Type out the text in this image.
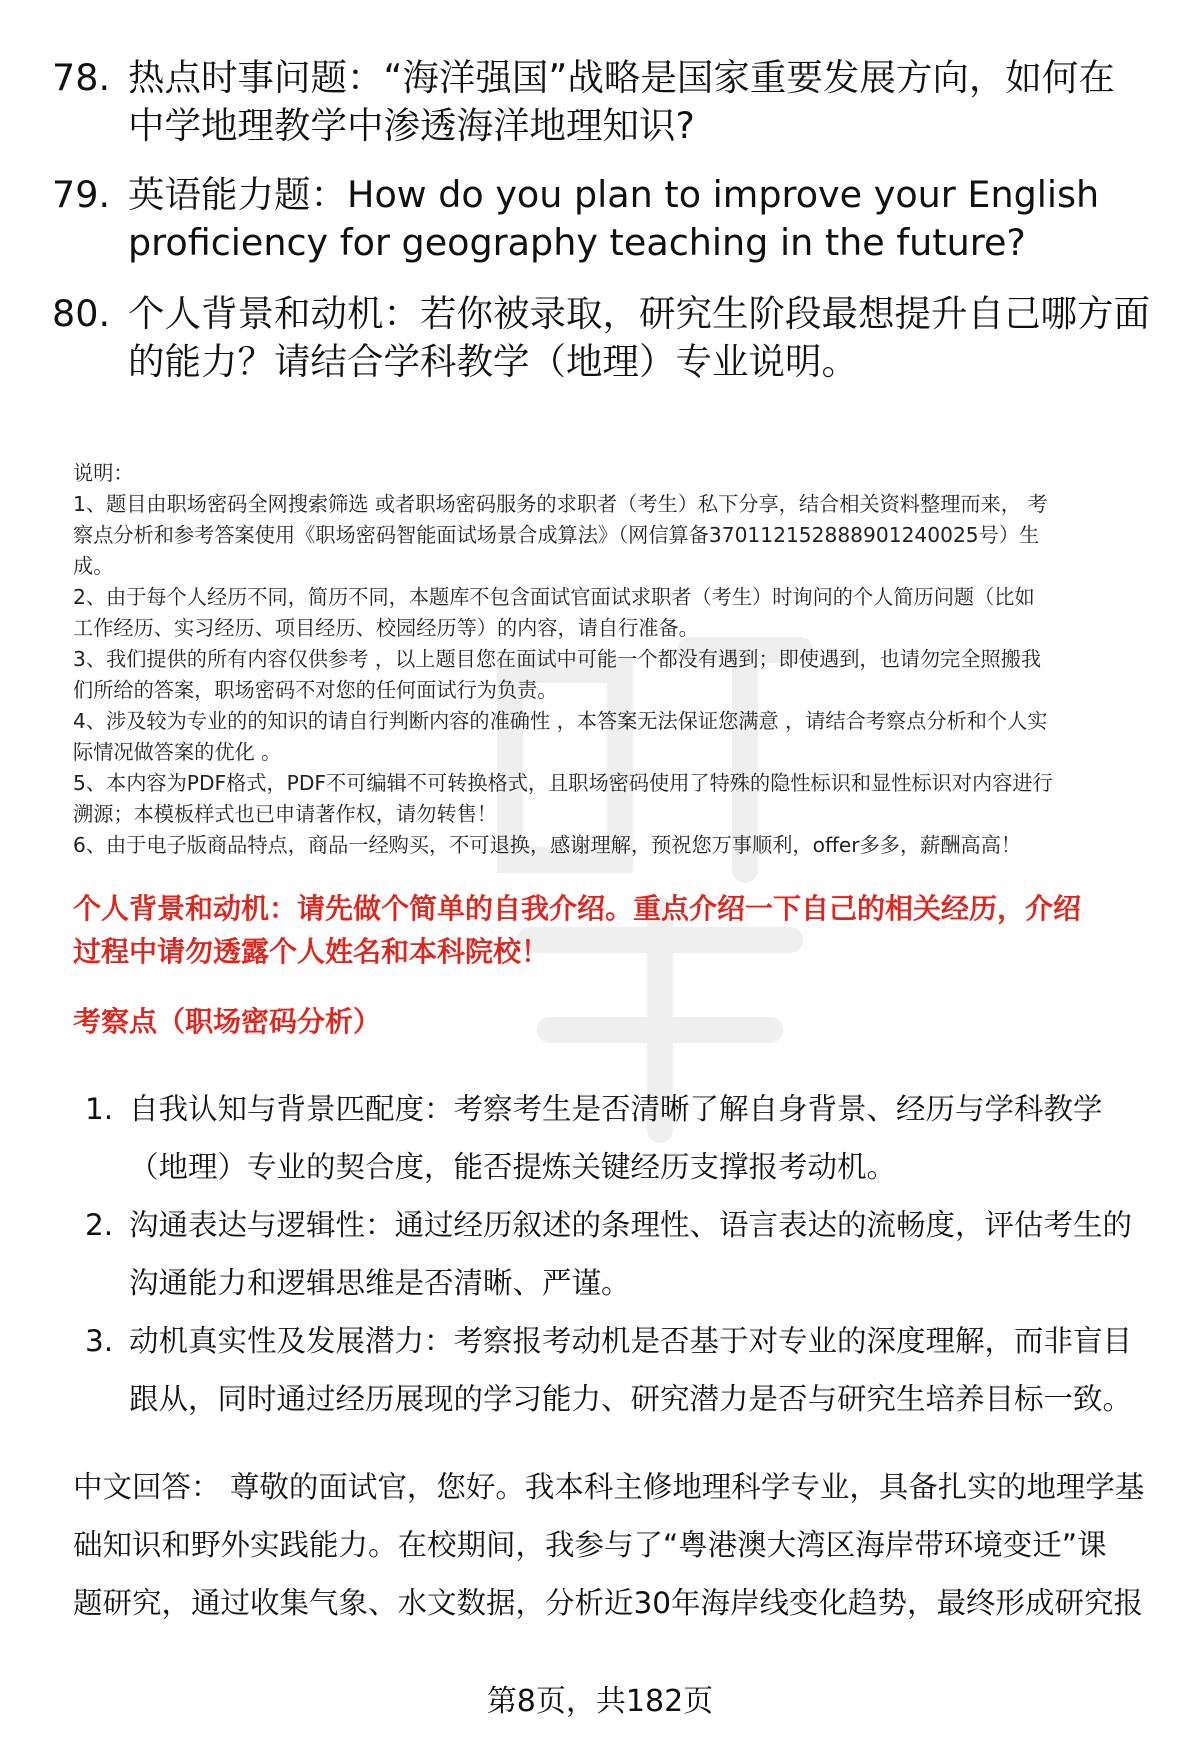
78. 热点时事问题：“海洋强国”战略是国家重要发展方向，如何在
中学地理教学中渗透海洋地理知识?
79. 英语能力题：How do you plan to improve your English
proficiency for geography teaching in the future?
80. 个人背景和动机：若你被录取，研究生阶段最想提升自己哪方面
的能力？请结合学科教学（地理）专业说明。
说明：
1、题目由职场密码全网搜索筛选 或者职场密码服务的求职者（考生）私下分享，结合相关资料整理而来， 考
察点分析和参考答案使用《职场密码智能面试场景合成算法》（网信算备370112152888901240025号）生
成。
2、由于每个人经历不同，简历不同，本题库不包含面试官面试求职者（考生）时询问的个人简历问题（比如
工作经历、实习经历、项目经历、校园经历等）的内容，请自行准备。
3、我们提供的所有内容仅供参考 ，以上题目您在面试中可能一个都没有遇到；即使遇到，也请勿完全照搬我
们所给的答案，职场密码不对您的任何面试行为负责。
4、涉及较为专业的的知识的请自行判断内容的准确性 ，本答案无法保证您满意 ，请结合考察点分析和个人实
际情况做答案的优化 。
5、本内容为PDF格式，PDF不可编辑不可转换格式，且职场密码使用了特殊的隐性标识和显性标识对内容进行
溯源；本模板样式也已申请著作权，请勿转售！
6、由于电子版商品特点，商品一经购买，不可退换，感谢理解，预祝您万事顺利，offer多多，薪酬高高！
个人背景和动机：请先做个简单的自我介绍。重点介绍一下自己的相关经历，介绍
过程中请勿透露个人姓名和本科院校！
考察点（职场密码分析）
1. 自我认知与背景匹配度：考察考生是否清晰了解自身背景、经历与学科教学
（地理）专业的契合度，能否提炼关键经历支撑报考动机。
2. 沟通表达与逻辑性：通过经历叙述的条理性、语言表达的流畅度，评估考生的
沟通能力和逻辑思维是否清晰、严谨。
3. 动机真实性及发展潜力：考察报考动机是否基于对专业的深度理解，而非盲目
跟从，同时通过经历展现的学习能力、研究潜力是否与研究生培养目标一致。
中文回答： 尊敬的面试官，您好。我本科主修地理科学专业，具备扎实的地理学基
础知识和野外实践能力。在校期间，我参与了“粤港澳大湾区海岸带环境变迁”课
题研究，通过收集气象、水文数据，分析近30年海岸线变化趋势，最终形成研究报
第8页，共182页
